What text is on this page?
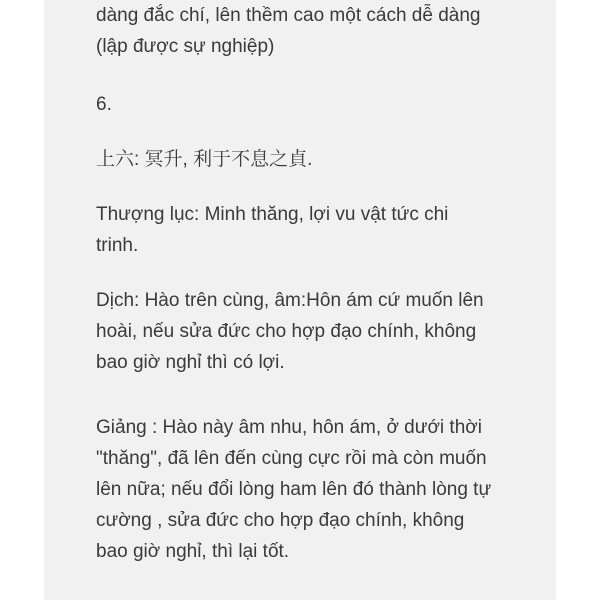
dàng đắc chí, lên thềm cao một cách dễ dàng
(lập được sự nghiệp)

6.

上六: 冥升, 利于不息之貞.

Thượng lục: Minh thăng, lợi vu vật tức chi
trinh.

Dịch: Hào trên cùng, âm:Hôn ám cứ muốn lên
hoài, nếu sửa đức cho hợp đạo chính, không
bao giờ nghỉ thì có lợi.

Giảng : Hào này âm nhu, hôn ám, ở dưới thời
"thăng", đã lên đến cùng cực rồi mà còn muốn
lên nữa; nếu đổi lòng ham lên đó thành lòng tự
cường , sửa đức cho hợp đạo chính, không
bao giờ nghỉ, thì lại tốt.
